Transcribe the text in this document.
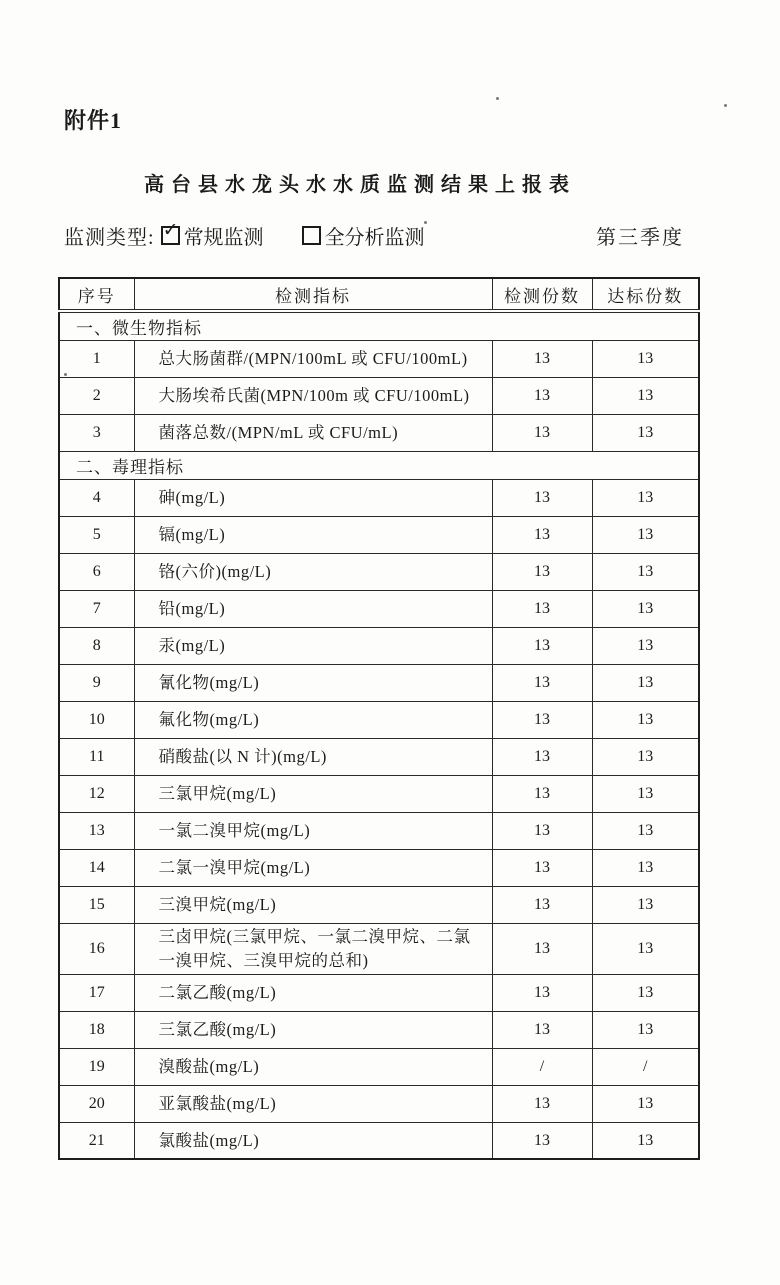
附件1
高台县水龙头水水质监测结果上报表
监测类型: ✓ 常规监测	全分析监测	第三季度
序号	检测指标	检测份数	达标份数
一、微生物指标			
1	总大肠菌群/(MPN/100mL 或 CFU/100mL)	13	13
2	大肠埃希氏菌(MPN/100m 或 CFU/100mL)	13	13
3	菌落总数/(MPN/mL 或 CFU/mL)	13	13
二、毒理指标			
4	砷(mg/L)	13	13
5	镉(mg/L)	13	13
6	铬(六价)(mg/L)	13	13
7	铅(mg/L)	13	13
8	汞(mg/L)	13	13
9	氰化物(mg/L)	13	13
10	氟化物(mg/L)	13	13
11	硝酸盐(以 N 计)(mg/L)	13	13
12	三氯甲烷(mg/L)	13	13
13	一氯二溴甲烷(mg/L)	13	13
14	二氯一溴甲烷(mg/L)	13	13
15	三溴甲烷(mg/L)	13	13
16	三卤甲烷(三氯甲烷、一氯二溴甲烷、二氯一溴甲烷、三溴甲烷的总和)	13	13
17	二氯乙酸(mg/L)	13	13
18	三氯乙酸(mg/L)	13	13
19	溴酸盐(mg/L)	/	/
20	亚氯酸盐(mg/L)	13	13
21	氯酸盐(mg/L)	13	13
